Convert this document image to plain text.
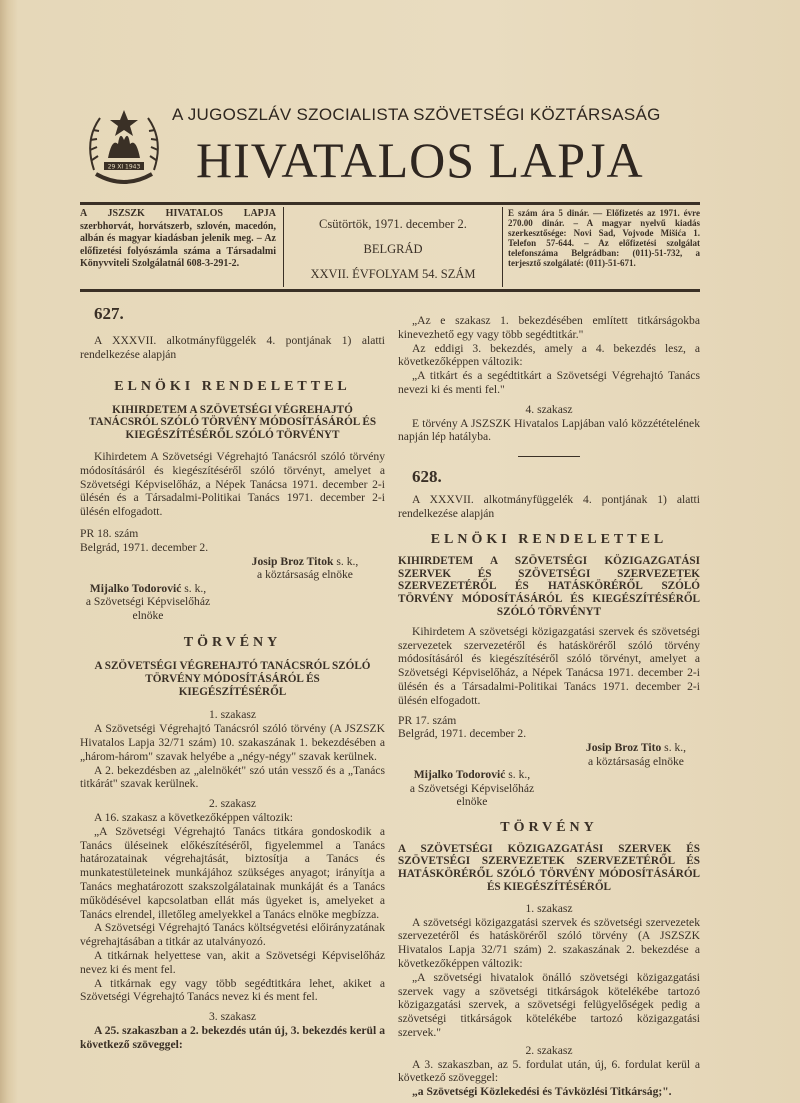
29 XI 1943
A JUGOSZLÁV SZOCIALISTA SZÖVETSÉGI KÖZTÁRSASÁG
HIVATALOS LAPJA
A JSZSZK HIVATALOS LAPJA szerbhorvát, horvátszerb, szlovén, macedón, albán és magyar kiadásban jelenik meg. – Az előfizetési folyószámla száma a Társadalmi Könyvviteli Szolgálatnál 608-3-291-2.
Csütörtök, 1971. december 2.
BELGRÁD
XXVII. ÉVFOLYAM 54. SZÁM
E szám ára 5 dinár. — Előfizetés az 1971. évre 270.00 dinár. – A magyar nyelvű kiadás szerkesztősége: Novi Sad, Vojvode Mišića 1. Telefon 57-644. – Az előfizetési szolgálat telefonszáma Belgrádban: (011)-51-732, a terjesztő szolgálaté: (011)-51-671.
627.

A XXXVII. alkotmányfüggelék 4. pontjának 1) alatti rendelkezése alapján

ELNÖKI RENDELETTEL
KIHIRDETEM A SZÖVETSÉGI VÉGREHAJTÓ TANÁCSRÓL SZÓLÓ TÖRVÉNY MÓDOSÍTÁSÁRÓL ÉS KIEGÉSZÍTÉSÉRŐL SZÓLÓ TÖRVÉNYT

Kihirdetem A Szövetségi Végrehajtó Tanácsról szóló törvény módosításáról és kiegészítéséről szóló törvényt, amelyet a Szövetségi Képviselőház, a Népek Tanácsa 1971. december 2-i ülésén és a Társadalmi-Politikai Tanács 1971. december 2-i ülésén elfogadott.

PR 18. szám
Belgrád, 1971. december 2.
Josip Broz Titok s. k.,
a köztársaság elnöke
Mijalko Todorović s. k.,
a Szövetségi Képviselőház elnöke
TÖRVÉNY
A SZÖVETSÉGI VÉGREHAJTÓ TANÁCSRÓL SZÓLÓ TÖRVÉNY MÓDOSÍTÁSÁRÓL ÉS KIEGÉSZÍTÉSÉRŐL
1. szakasz

A Szövetségi Végrehajtó Tanácsról szóló törvény (A JSZSZK Hivatalos Lapja 32/71 szám) 10. szakaszának 1. bekezdésében a „három-három" szavak helyébe a „négy-négy" szavak kerülnek.

A 2. bekezdésben az „alelnökét" szó után vessző és a „Tanács titkárát" szavak kerülnek.

2. szakasz

A 16. szakasz a következőképpen változik:

„A Szövetségi Végrehajtó Tanács titkára gondoskodik a Tanács üléseinek előkészítéséről, figyelemmel a Tanács határozatainak végrehajtását, biztosítja a Tanács és munkatestületeinek munkájához szükséges anyagot; irányítja a Tanács meghatározott szakszolgálatainak munkáját és a Tanács működésével kapcsolatban ellát más ügyeket is, amelyeket a Tanács elrendel, illetőleg amelyekkel a Tanács elnöke megbízza.

A Szövetségi Végrehajtó Tanács költségvetési előirányzatának végrehajtásában a titkár az utalványozó.

A titkárnak helyettese van, akit a Szövetségi Képviselőház nevez ki és ment fel.

A titkárnak egy vagy több segédtitkára lehet, akiket a Szövetségi Végrehajtó Tanács nevez ki és ment fel.

3. szakasz

A 25. szakaszban a 2. bekezdés után új, 3. bekezdés kerül a következő szöveggel:

„Az e szakasz 1. bekezdésében említett titkárságokba kinevezhető egy vagy több segédtitkár."

Az eddigi 3. bekezdés, amely a 4. bekezdés lesz, a következőképpen változik:

„A titkárt és a segédtitkárt a Szövetségi Végrehajtó Tanács nevezi ki és menti fel."

4. szakasz

E törvény A JSZSZK Hivatalos Lapjában való közzétételének napján lép hatályba.

628.

A XXXVII. alkotmányfüggelék 4. pontjának 1) alatti rendelkezése alapján

ELNÖKI RENDELETTEL
KIHIRDETEM A SZÖVETSÉGI KÖZIGAZGATÁSI SZERVEK ÉS SZÖVETSÉGI SZERVEZETEK SZERVEZETÉRŐL ÉS HATÁSKÖRÉRŐL SZÓLÓ TÖRVÉNY MÓDOSÍTÁSÁRÓL ÉS KIEGÉSZÍTÉSÉRŐL SZÓLÓ TÖRVÉNYT

Kihirdetem A szövetségi közigazgatási szervek és szövetségi szervezetek szervezetéről és hatásköréről szóló törvény módosításáról és kiegészítéséről szóló törvényt, amelyet a Szövetségi Képviselőház, a Népek Tanácsa 1971. december 2-i ülésén és a Társadalmi-Politikai Tanács 1971. december 2-i ülésén elfogadott.

PR 17. szám
Belgrád, 1971. december 2.
Josip Broz Tito s. k.,
a köztársaság elnöke
Mijalko Todorović s. k.,
a Szövetségi Képviselőház elnöke
TÖRVÉNY
A SZÖVETSÉGI KÖZIGAZGATÁSI SZERVEK ÉS SZÖVETSÉGI SZERVEZETEK SZERVEZETÉRŐL ÉS HATÁSKÖRÉRŐL SZÓLÓ TÖRVÉNY MÓDOSÍTÁSÁRÓL ÉS KIEGÉSZÍTÉSÉRŐL
1. szakasz

A szövetségi közigazgatási szervek és szövetségi szervezetek szervezetéről és hatásköréről szóló törvény (A JSZSZK Hivatalos Lapja 32/71 szám) 2. szakaszának 2. bekezdése a következőképpen változik:

„A szövetségi hivatalok önálló szövetségi közigazgatási szervek vagy a szövetségi titkárságok kötelékébe tartozó közigazgatási szervek, a szövetségi felügyelőségek pedig a szövetségi titkárságok kötelékébe tartozó közigazgatási szervek."

2. szakasz

A 3. szakaszban, az 5. fordulat után, új, 6. fordulat kerül a következő szöveggel:

„a Szövetségi Közlekedési és Távközlési Titkárság;".
